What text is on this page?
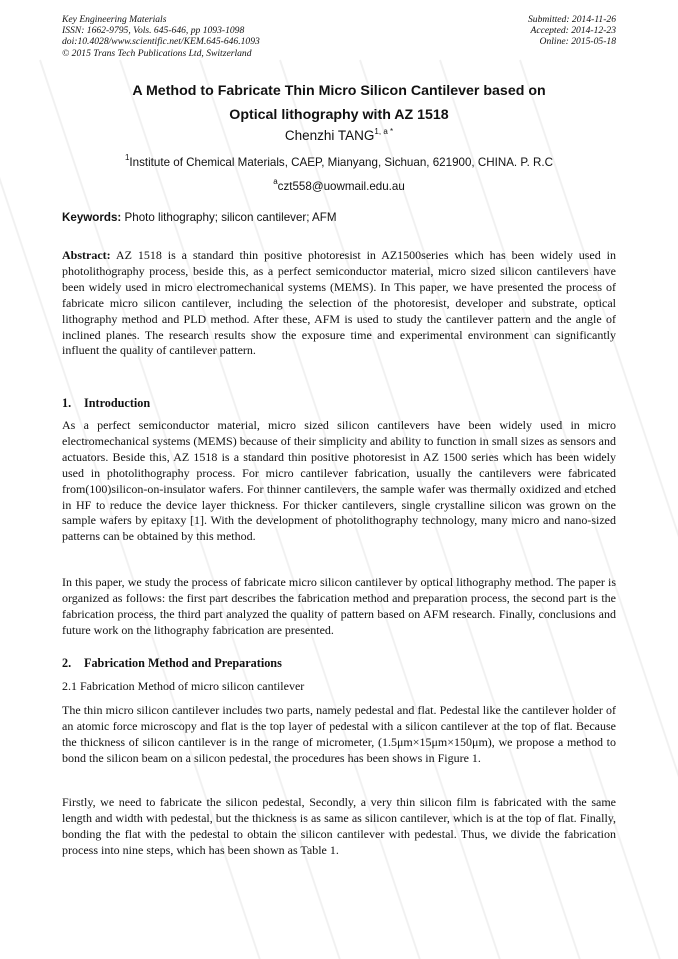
Key Engineering Materials
ISSN: 1662-9795, Vols. 645-646, pp 1093-1098
doi:10.4028/www.scientific.net/KEM.645-646.1093
© 2015 Trans Tech Publications Ltd, Switzerland
Submitted: 2014-11-26
Accepted: 2014-12-23
Online: 2015-05-18
A Method to Fabricate Thin Micro Silicon Cantilever based on
Optical lithography with AZ 1518
Chenzhi $TANG^{1, a *}$
$^1$Institute of Chemical Materials, CAEP, Mianyang, Sichuan, 621900, CHINA. P. R.C
$^a$czt558@uowmail.edu.au
Keywords: Photo lithography; silicon cantilever; AFM

Abstract: AZ 1518 is a standard thin positive photoresist in AZ1500series which has been widely used in photolithography process, beside this, as a perfect semiconductor material, micro sized silicon cantilevers have been widely used in micro electromechanical systems (MEMS). In This paper, we have presented the process of fabricate micro silicon cantilever, including the selection of the photoresist, developer and substrate, optical lithography method and PLD method. After these, AFM is used to study the cantilever pattern and the angle of inclined planes. The research results show the exposure time and experimental environment can significantly influent the quality of cantilever pattern.

1. Introduction

As a perfect semiconductor material, micro sized silicon cantilevers have been widely used in micro electromechanical systems (MEMS) because of their simplicity and ability to function in small sizes as sensors and actuators. Beside this, AZ 1518 is a standard thin positive photoresist in AZ 1500 series which has been widely used in photolithography process. For micro cantilever fabrication, usually the cantilevers were fabricated from(100)silicon-on-insulator wafers. For thinner cantilevers, the sample wafer was thermally oxidized and etched in HF to reduce the device layer thickness. For thicker cantilevers, single crystalline silicon was grown on the sample wafers by epitaxy [1]. With the development of photolithography technology, many micro and nano-sized patterns can be obtained by this method.

In this paper, we study the process of fabricate micro silicon cantilever by optical lithography method. The paper is organized as follows: the first part describes the fabrication method and preparation process, the second part is the fabrication process, the third part analyzed the quality of pattern based on AFM research. Finally, conclusions and future work on the lithography fabrication are presented.

2. Fabrication Method and Preparations
2.1 Fabrication Method of micro silicon cantilever

The thin micro silicon cantilever includes two parts, namely pedestal and flat. Pedestal like the cantilever holder of an atomic force microscopy and flat is the top layer of pedestal with a silicon cantilever at the top of flat. Because the thickness of silicon cantilever is in the range of micrometer, (1.5μm×15μm×150μm), we propose a method to bond the silicon beam on a silicon pedestal, the procedures has been shows in Figure 1.

Firstly, we need to fabricate the silicon pedestal, Secondly, a very thin silicon film is fabricated with the same length and width with pedestal, but the thickness is as same as silicon cantilever, which is at the top of flat. Finally, bonding the flat with the pedestal to obtain the silicon cantilever with pedestal. Thus, we divide the fabrication process into nine steps, which has been shown as Table 1.
